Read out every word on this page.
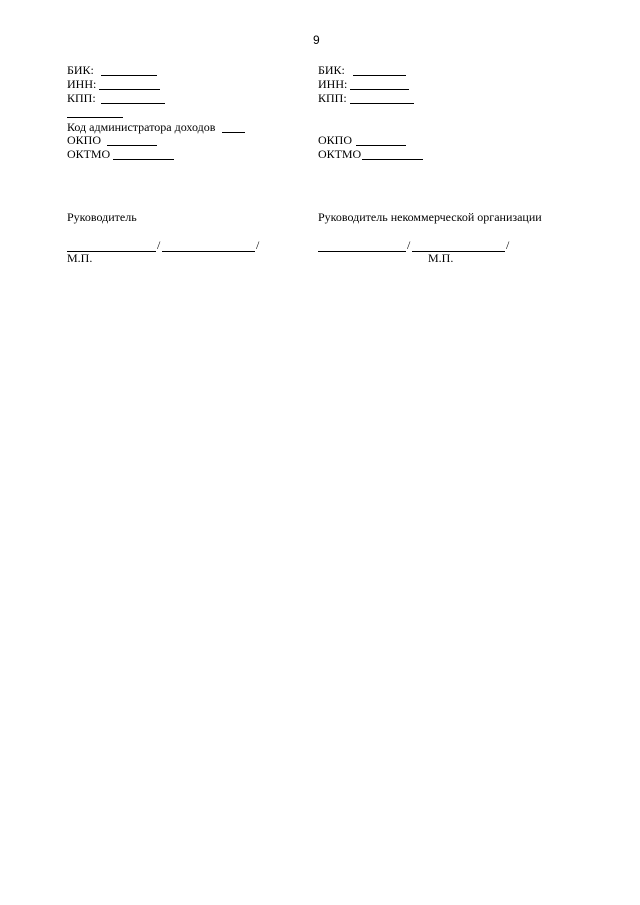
9
БИК:
ИНН:
КПП:
Код администратора доходов
ОКПО
ОКТМО
Руководитель
/	/
М.П.
БИК:
ИНН:
КПП:
ОКПО
ОКТМО
Руководитель некоммерческой организации
/	/
М.П.
